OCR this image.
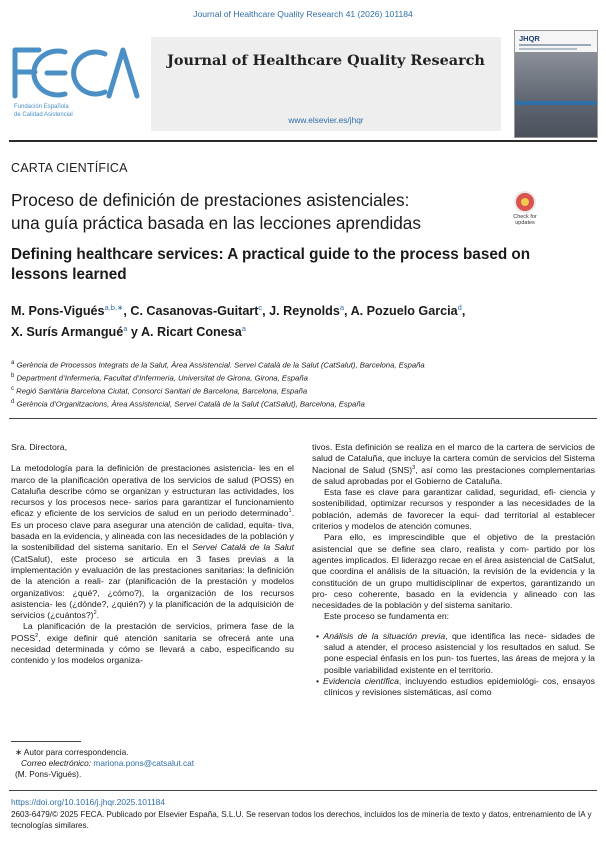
Journal of Healthcare Quality Research 41 (2026) 101184
Fundación Española
de Calidad Asistencial
Journal of Healthcare Quality Research
www.elsevier.es/jhqr
JHQR
CARTA CIENTÍFICA
Proceso de definición de prestaciones asistenciales:
una guía práctica basada en las lecciones aprendidas	Check for
updates
Defining healthcare services: A practical guide to the process based on lessons learned
M. Pons-Vigués$^{a,b,∗}$, C. Casanovas-Guitart$^c$, J. Reynolds$^a$, A. Pozuelo Garcia$^d$,
X. Surís Armangué$^a$ y A. Ricart Conesa$^a$
$^a$ Gerència de Processos Integrats de la Salut, Àrea Assistencial. Servei Català de la Salut (CatSalut), Barcelona, España
$^b$ Department d’Infermeria, Facultat d’Infermeria, Universitat de Girona, Girona, España
$^c$ Regió Sanitària Barcelona Ciutat, Consorci Sanitari de Barcelona, Barcelona, España
$^d$ Gerència d’Organitzacions, Àrea Assistencial, Servei Català de la Salut (CatSalut), Barcelona, España

Sra. Directora,

La metodología para la definición de prestaciones asistencia- les en el marco de la planificación operativa de los servicios de salud (POSS) en Cataluña describe cómo se organizan y estructuran las actividades, los recursos y los procesos nece- sarios para garantizar el funcionamiento eficaz y eficiente de los servicios de salud en un periodo determinado$^1$. Es un proceso clave para asegurar una atención de calidad, equita- tiva, basada en la evidencia, y alineada con las necesidades de la población y la sostenibilidad del sistema sanitario. En el Servei Català de la Salut (CatSalut), este proceso se articula en 3 fases previas a la implementación y evaluación de las prestaciones sanitarias: la definición de la atención a reali- zar (planificación de la prestación y modelos organizativos: ¿qué?, ¿cómo?), la organización de los recursos asistencia- les (¿dónde?, ¿quién?) y la planificación de la adquisición de servicios (¿cuántos?)$^2$.

La planificación de la prestación de servicios, primera fase de la POSS$^2$, exige definir qué atención sanitaria se ofrecerá ante una necesidad determinada y cómo se llevará a cabo, especificando su contenido y los modelos organiza-

tivos. Esta definición se realiza en el marco de la cartera de servicios de salud de Cataluña, que incluye la cartera común de servicios del Sistema Nacional de Salud (SNS)$^3$, así como las prestaciones complementarias de salud aprobadas por el Gobierno de Cataluña.

Esta fase es clave para garantizar calidad, seguridad, efi- ciencia y sostenibilidad, optimizar recursos y responder a las necesidades de la población, además de favorecer la equi- dad territorial al establecer criterios y modelos de atención comunes.

Para ello, es imprescindible que el objetivo de la prestación asistencial que se define sea claro, realista y com- partido por los agentes implicados. El liderazgo recae en el área asistencial de CatSalut, que coordina el análisis de la situación, la revisión de la evidencia y la constitución de un grupo multidisciplinar de expertos, garantizando un pro- ceso coherente, basado en la evidencia y alineado con las necesidades de la población y del sistema sanitario.

Este proceso se fundamenta en:

• Análisis de la situación previa, que identifica las nece- sidades de salud a atender, el proceso asistencial y los resultados en salud. Se pone especial énfasis en los pun- tos fuertes, las áreas de mejora y la posible variabilidad existente en el territorio.

• Evidencia científica, incluyendo estudios epidemiológi- cos, ensayos clínicos y revisiones sistemáticas, así como

∗ Autor para correspondencia.
Correo electrónico: mariona.pons@catsalut.cat
(M. Pons-Vigués).
https://doi.org/10.1016/j.jhqr.2025.101184
2603-6479/© 2025 FECA. Publicado por Elsevier España, S.L.U. Se reservan todos los derechos, incluidos los de minería de texto y datos, entrenamiento de IA y tecnologías similares.
